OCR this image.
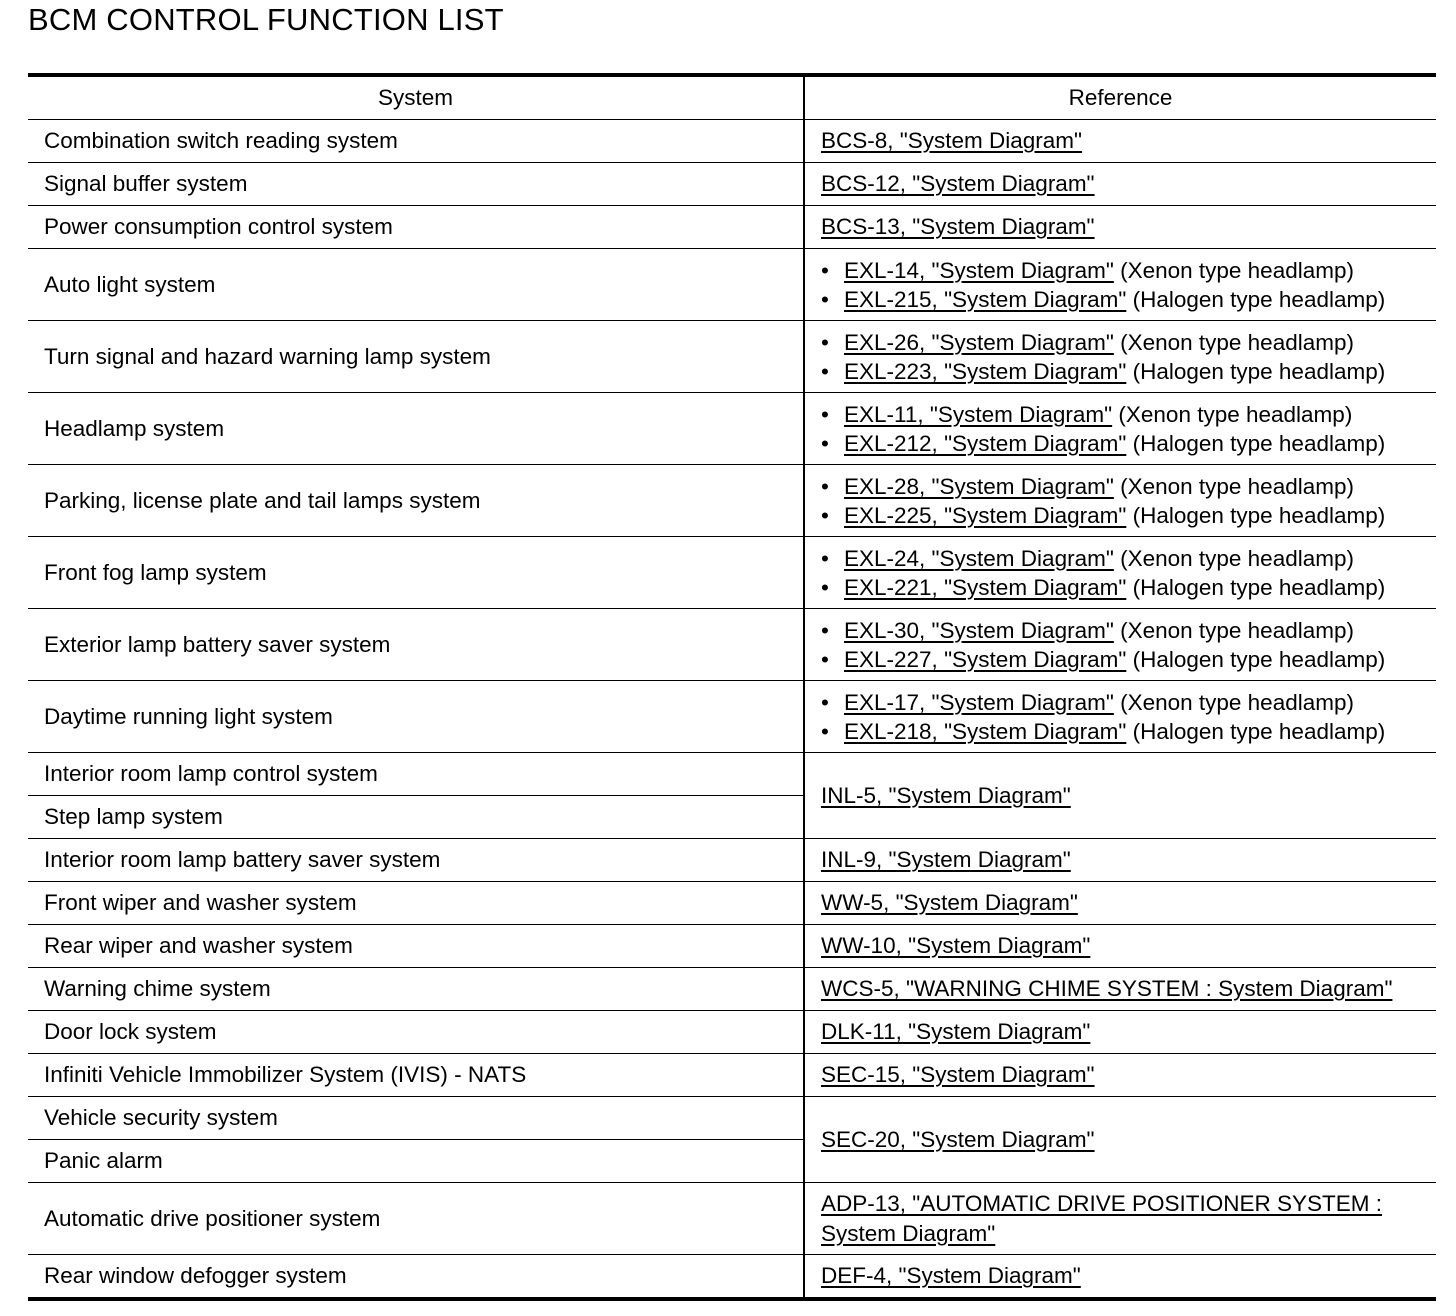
BCM CONTROL FUNCTION LIST
System	Reference
Combination switch reading system	BCS-8, "System Diagram"
Signal buffer system	BCS-12, "System Diagram"
Power consumption control system	BCS-13, "System Diagram"
Auto light system	• EXL-14, "System Diagram" (Xenon type headlamp)
• EXL-215, "System Diagram" (Halogen type headlamp)

Turn signal and hazard warning lamp system	• EXL-26, "System Diagram" (Xenon type headlamp)
• EXL-223, "System Diagram" (Halogen type headlamp)

Headlamp system	• EXL-11, "System Diagram" (Xenon type headlamp)
• EXL-212, "System Diagram" (Halogen type headlamp)

Parking, license plate and tail lamps system	• EXL-28, "System Diagram" (Xenon type headlamp)
• EXL-225, "System Diagram" (Halogen type headlamp)

Front fog lamp system	• EXL-24, "System Diagram" (Xenon type headlamp)
• EXL-221, "System Diagram" (Halogen type headlamp)

Exterior lamp battery saver system	• EXL-30, "System Diagram" (Xenon type headlamp)
• EXL-227, "System Diagram" (Halogen type headlamp)

Daytime running light system	• EXL-17, "System Diagram" (Xenon type headlamp)
• EXL-218, "System Diagram" (Halogen type headlamp)

Interior room lamp control system	INL-5, "System Diagram"
Step lamp system	
Interior room lamp battery saver system	INL-9, "System Diagram"
Front wiper and washer system	WW-5, "System Diagram"
Rear wiper and washer system	WW-10, "System Diagram"
Warning chime system	WCS-5, "WARNING CHIME SYSTEM : System Diagram"
Door lock system	DLK-11, "System Diagram"
Infiniti Vehicle Immobilizer System (IVIS) - NATS	SEC-15, "System Diagram"
Vehicle security system	SEC-20, "System Diagram"
Panic alarm	
Automatic drive positioner system	ADP-13, "AUTOMATIC DRIVE POSITIONER SYSTEM :
System Diagram"

Rear window defogger system	DEF-4, "System Diagram"
